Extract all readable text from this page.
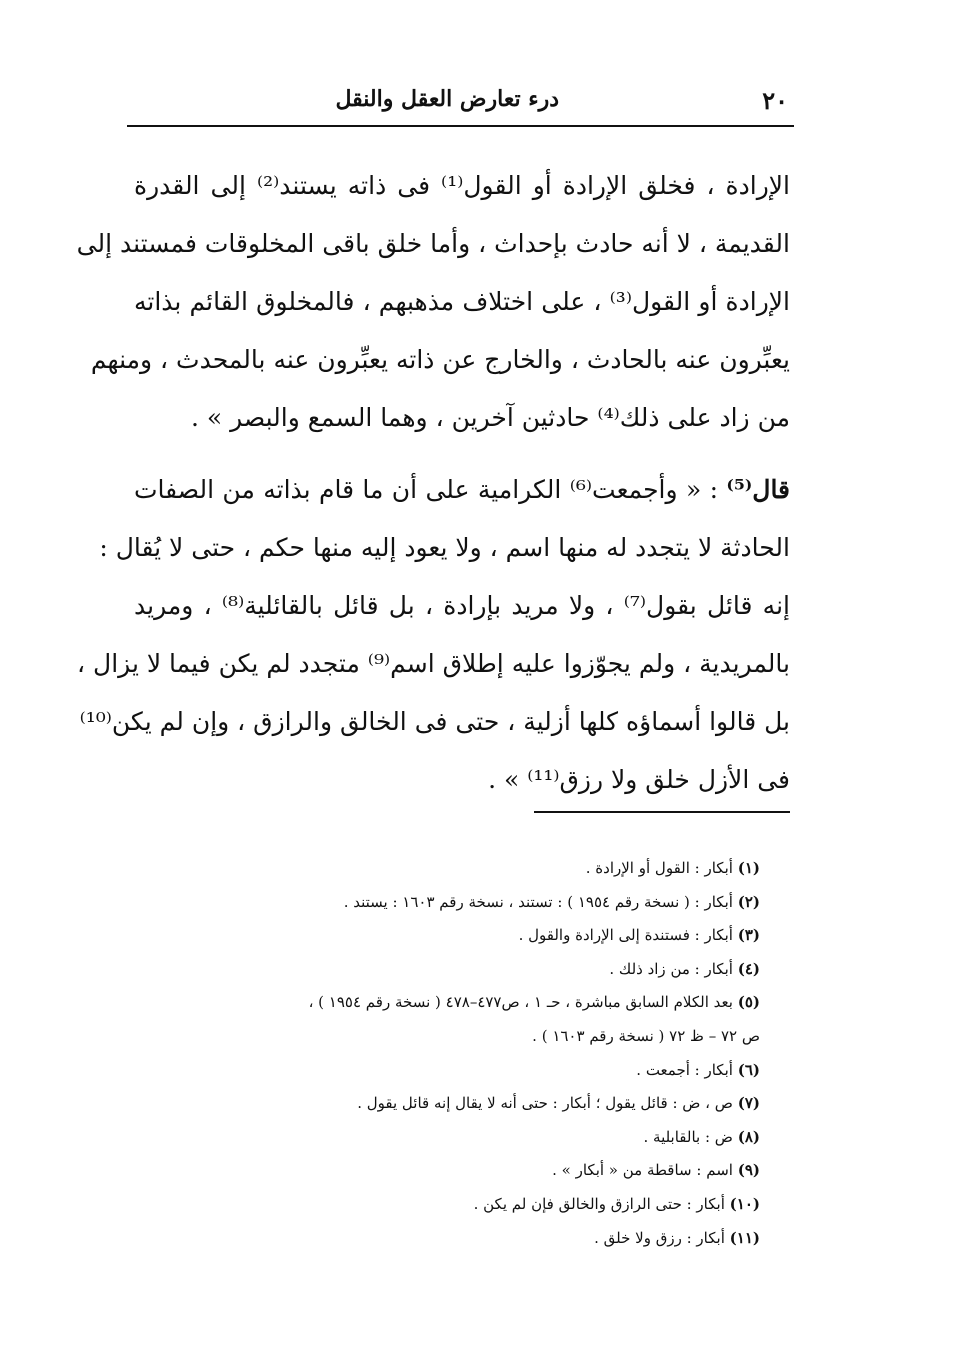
٢٠
درء تعارض العقل والنقل
الإرادة ، فخلق الإرادة أو القول⁽¹⁾ فى ذاته يستند⁽²⁾ إلى القدرة
القديمة ، لا أنه حادث بإحداث ، وأما خلق باقى المخلوقات فمستند إلى
الإرادة أو القول⁽³⁾ ، على اختلاف مذهبهم ، فالمخلوق القائم بذاته
يعبِّرون عنه بالحادث ، والخارج عن ذاته يعبِّرون عنه بالمحدث ، ومنهم
من زاد على ذلك⁽⁴⁾ حادثين آخرين ، وهما السمع والبصر » .
قال⁽⁵⁾ : « وأجمعت⁽⁶⁾ الكرامية على أن ما قام بذاته من الصفات
الحادثة لا يتجدد له منها اسم ، ولا يعود إليه منها حكم ، حتى لا يُقال :
إنه قائل بقول⁽⁷⁾ ، ولا مريد بإرادة ، بل قائل بالقائلية⁽⁸⁾ ، ومريد
بالمريدية ، ولم يجوّزوا عليه إطلاق اسم⁽⁹⁾ متجدد لم يكن فيما لا يزال ،
بل قالوا أسماؤه كلها أزلية ، حتى فى الخالق والرازق ، وإن لم يكن⁽¹⁰⁾
فى الأزل خلق ولا رزق⁽¹¹⁾ » .
(١) أبكار : القول أو الإرادة .
(٢) أبكار : ( نسخة رقم ١٩٥٤ ) : تستند ، نسخة رقم ١٦٠٣ : يستند .
(٣) أبكار : فستندة إلى الإرادة والقول .
(٤) أبكار : من زاد ذلك .
(٥) بعد الكلام السابق مباشرة ، حـ ١ ، ص٤٧٧–٤٧٨ ( نسخة رقم ١٩٥٤ ) ،
ص ٧٢ – ظ ٧٢ ( نسخة رقم ١٦٠٣ ) .
(٦) أبكار : أجمعت .
(٧) ص ، ض : قائل يقول ؛ أبكار : حتى أنه لا يقال إنه قائل يقول .
(٨) ض : بالقابلية .
(٩) اسم : ساقطة من « أبكار » .
(١٠) أبكار : حتى الرازق والخالق فإن لم يكن .
(١١) أبكار : رزق ولا خلق .
